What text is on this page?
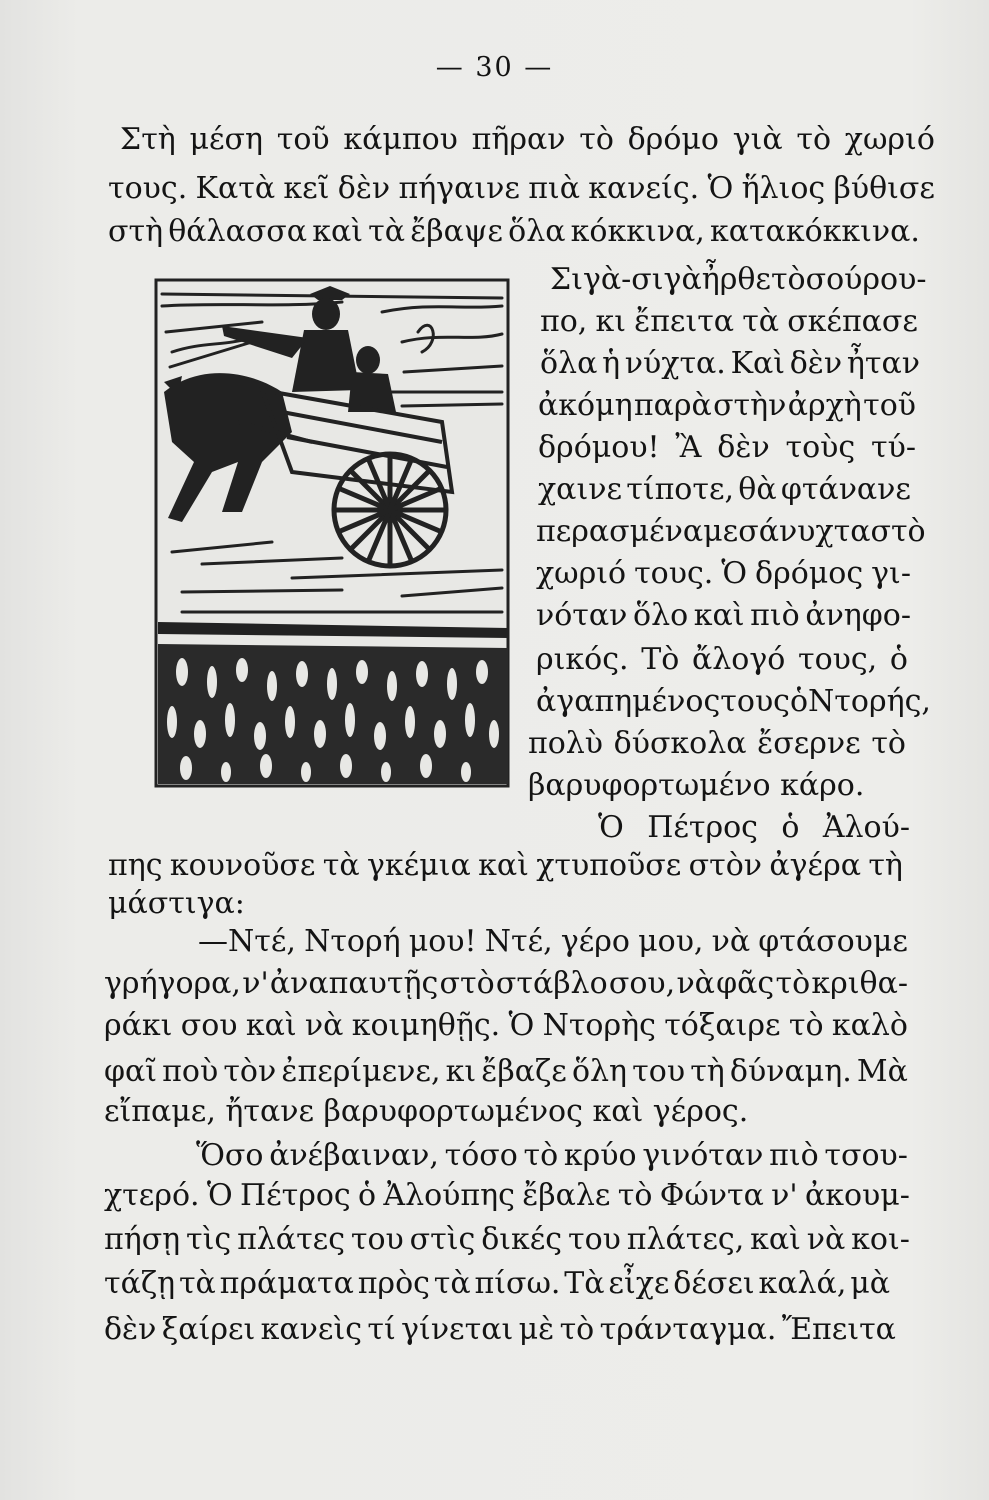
— 30 —
Στὴ μέση τοῦ κάμπου πῆραν τὸ δρόμο γιὰ τὸ χωριό
τους. Κατὰ κεῖ δὲν πήγαινε πιὰ κανείς. Ὁ ἥλιος βύθισε
στὴ θάλασσα καὶ τὰ ἔβαψε ὅλα κόκκινα, κατακόκκινα.
Σιγὰ-σιγὰ ἦρθε τὸ σούρου-
πο, κι ἔπειτα τὰ σκέπασε
ὅλα ἡ νύχτα. Καὶ δὲν ἦταν
ἀκόμη παρὰ στὴν ἀρχὴ τοῦ
δρόμου! Ἂ δὲν τοὺς τύ-
χαινε τίποτε, θὰ φτάνανε
περασμένα μεσάνυχτα στὸ
χωριό τους. Ὁ δρόμος γι-
νόταν ὅλο καὶ πιὸ ἀνηφο-
ρικός. Τὸ ἄλογό τους, ὁ
ἀγαπημένος τους ὁ Ντορής,
πολὺ δύσκολα ἔσερνε τὸ
βαρυφορτωμένο κάρο.
Ὁ Πέτρος ὁ Ἀλού-
πης κουνοῦσε τὰ γκέμια καὶ χτυποῦσε στὸν ἀγέρα τὴ
μάστιγα:
—Ντέ, Ντορή μου! Ντέ, γέρο μου, νὰ φτάσουμε
γρήγορα, ν' ἀναπαυτῇς στὸ στάβλο σου, νὰ φᾶς τὸ κριθα-
ράκι σου καὶ νὰ κοιμηθῇς. Ὁ Ντορὴς τόξαιρε τὸ καλὸ
φαῖ ποὺ τὸν ἐπερίμενε, κι ἔβαζε ὅλη του τὴ δύναμη. Μὰ
εἴπαμε, ἤτανε βαρυφορτωμένος καὶ γέρος.
Ὅσο ἀνέβαιναν, τόσο τὸ κρύο γινόταν πιὸ τσου-
χτερό. Ὁ Πέτρος ὁ Ἀλούπης ἔβαλε τὸ Φώντα ν' ἀκουμ-
πήσῃ τὶς πλάτες του στὶς δικές του πλάτες, καὶ νὰ κοι-
τάζῃ τὰ πράματα πρὸς τὰ πίσω. Τὰ εἶχε δέσει καλά, μὰ
δὲν ξαίρει κανεὶς τί γίνεται μὲ τὸ τράνταγμα. Ἔπειτα
